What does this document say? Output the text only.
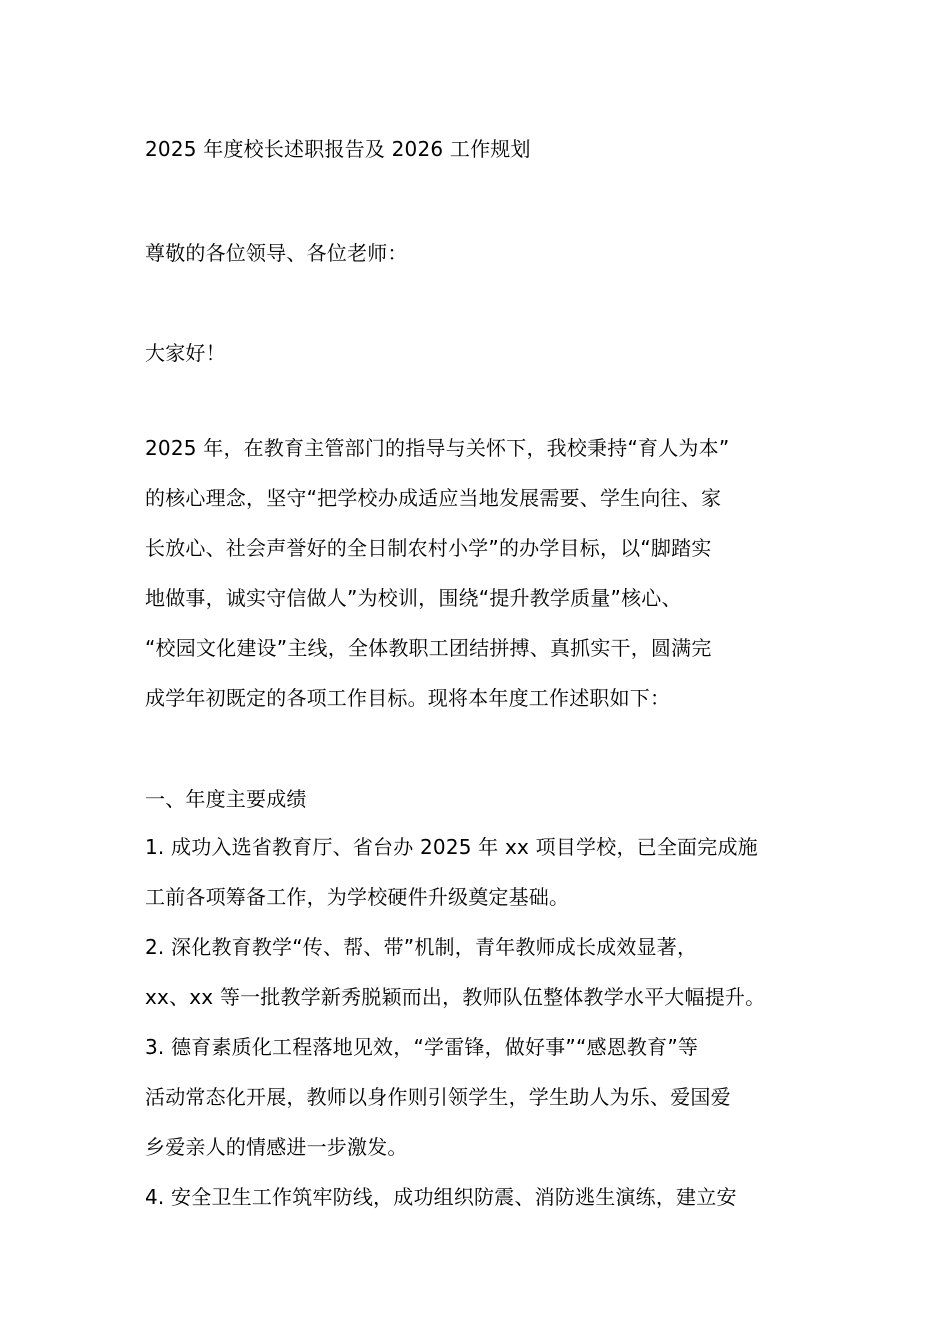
2025 年度校长述职报告及 2026 工作规划
尊敬的各位领导、各位老师：
大家好！
2025 年，在教育主管部门的指导与关怀下，我校秉持“育人为本”
的核心理念，坚守“把学校办成适应当地发展需要、学生向往、家
长放心、社会声誉好的全日制农村小学”的办学目标，以“脚踏实
地做事，诚实守信做人”为校训，围绕“提升教学质量”核心、
“校园文化建设”主线，全体教职工团结拼搏、真抓实干，圆满完
成学年初既定的各项工作目标。现将本年度工作述职如下：
一、年度主要成绩
1. 成功入选省教育厅、省台办 2025 年 xx 项目学校，已全面完成施
工前各项筹备工作，为学校硬件升级奠定基础。
2. 深化教育教学“传、帮、带”机制，青年教师成长成效显著，
xx、xx 等一批教学新秀脱颖而出，教师队伍整体教学水平大幅提升。
3. 德育素质化工程落地见效，“学雷锋，做好事”“感恩教育”等
活动常态化开展，教师以身作则引领学生，学生助人为乐、爱国爱
乡爱亲人的情感进一步激发。
4. 安全卫生工作筑牢防线，成功组织防震、消防逃生演练，建立安
